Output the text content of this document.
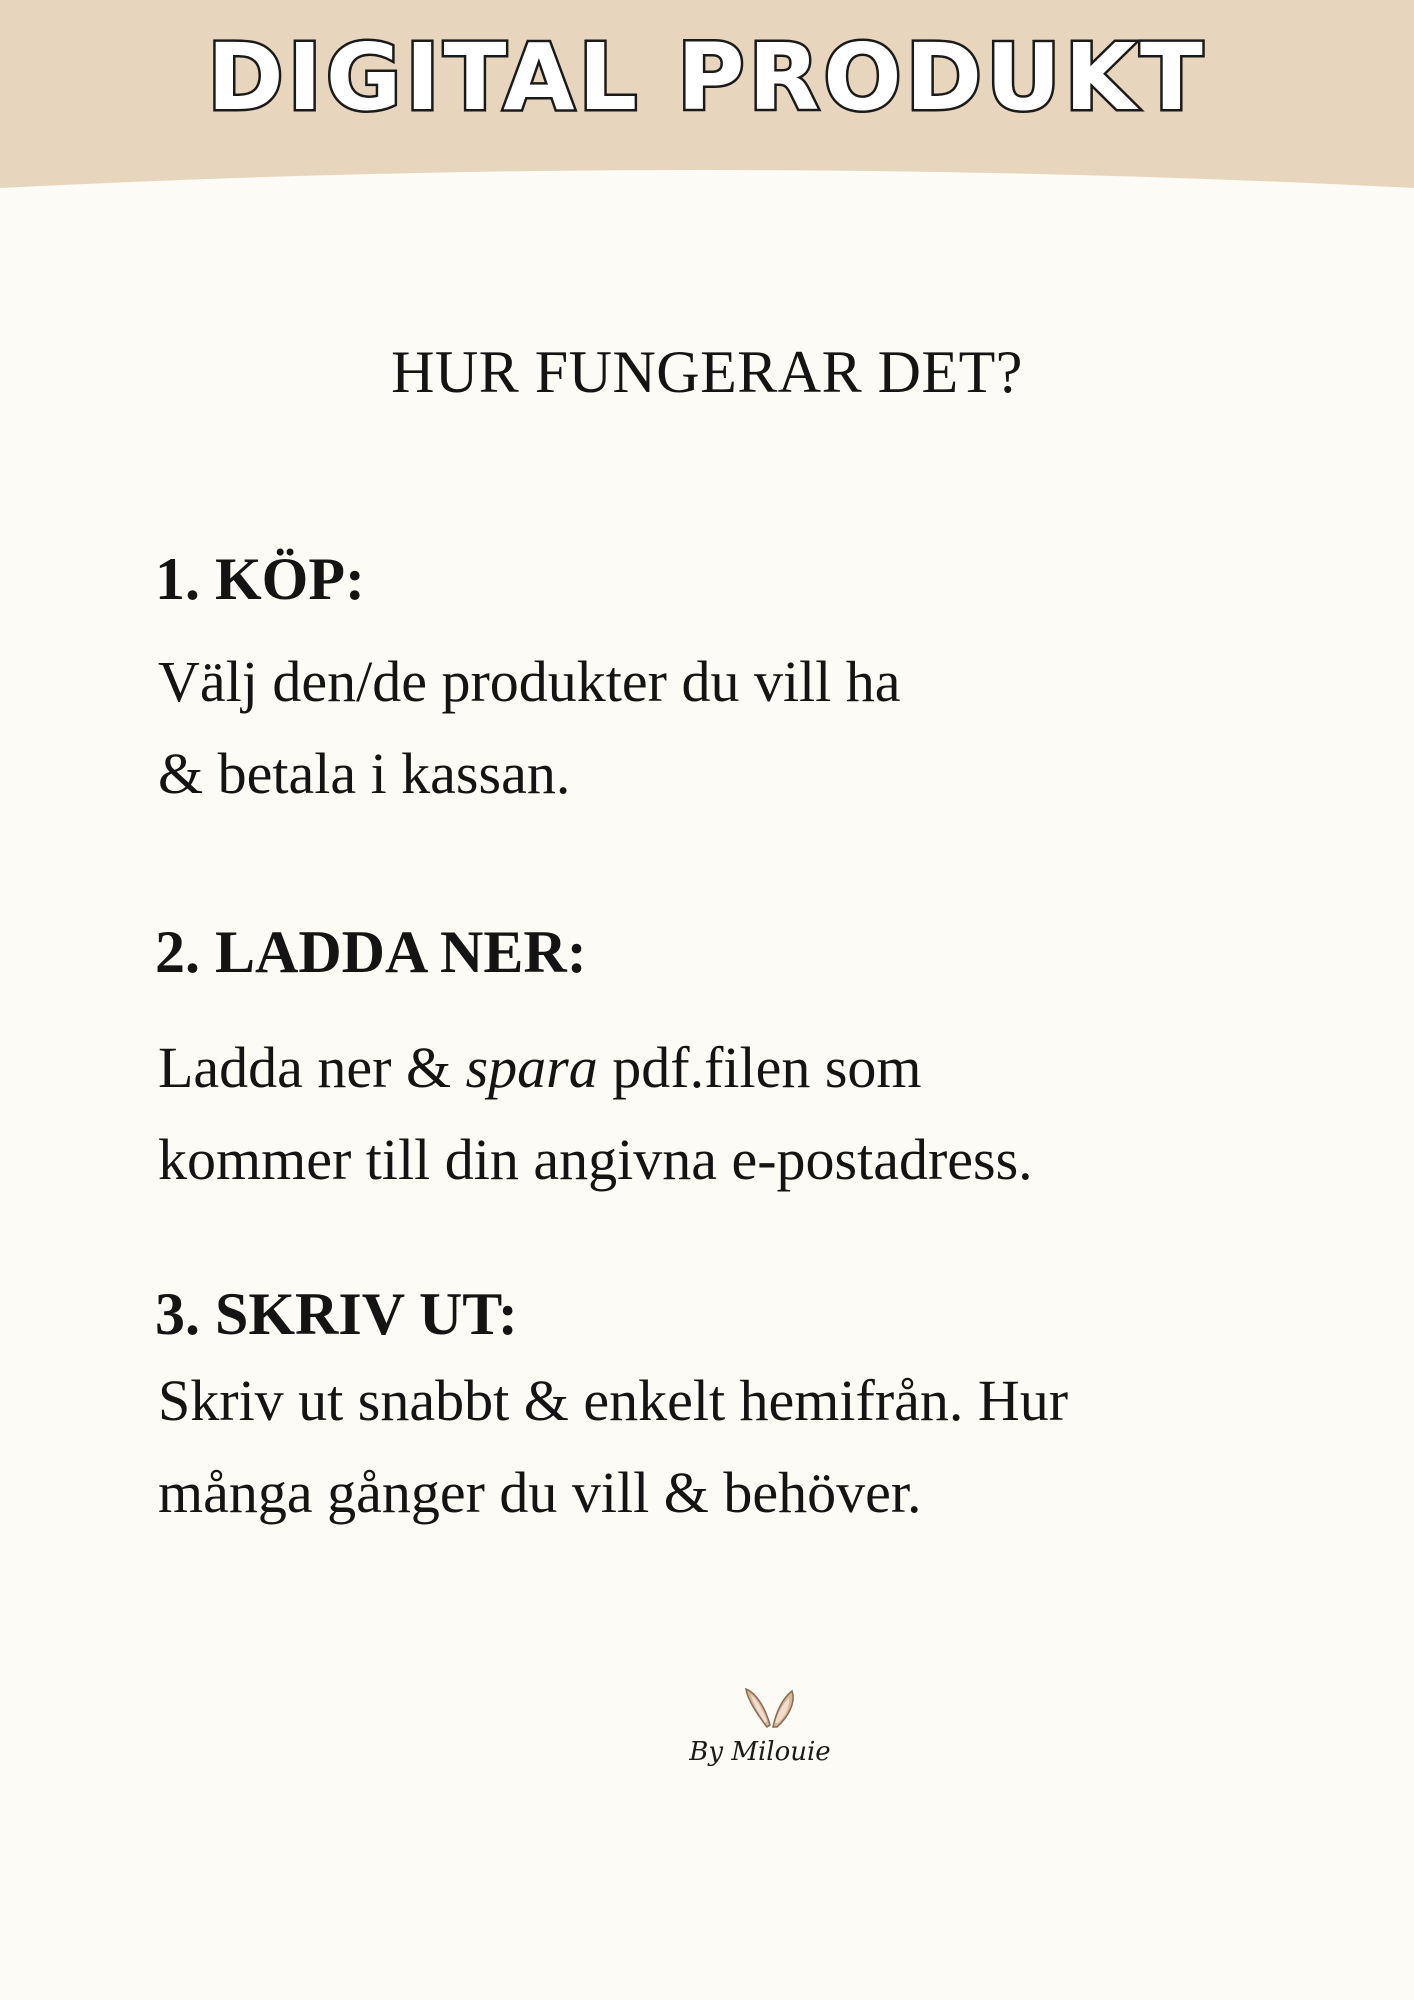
DIGITAL PRODUKT
HUR FUNGERAR DET?
1. KÖP:

Välj den/de produkter du vill ha
& betala i kassan.

2. LADDA NER:

Ladda ner & spara pdf.filen som
kommer till din angivna e-postadress.

3. SKRIV UT:

Skriv ut snabbt & enkelt hemifrån. Hur
många gånger du vill & behöver.

By Milouie
